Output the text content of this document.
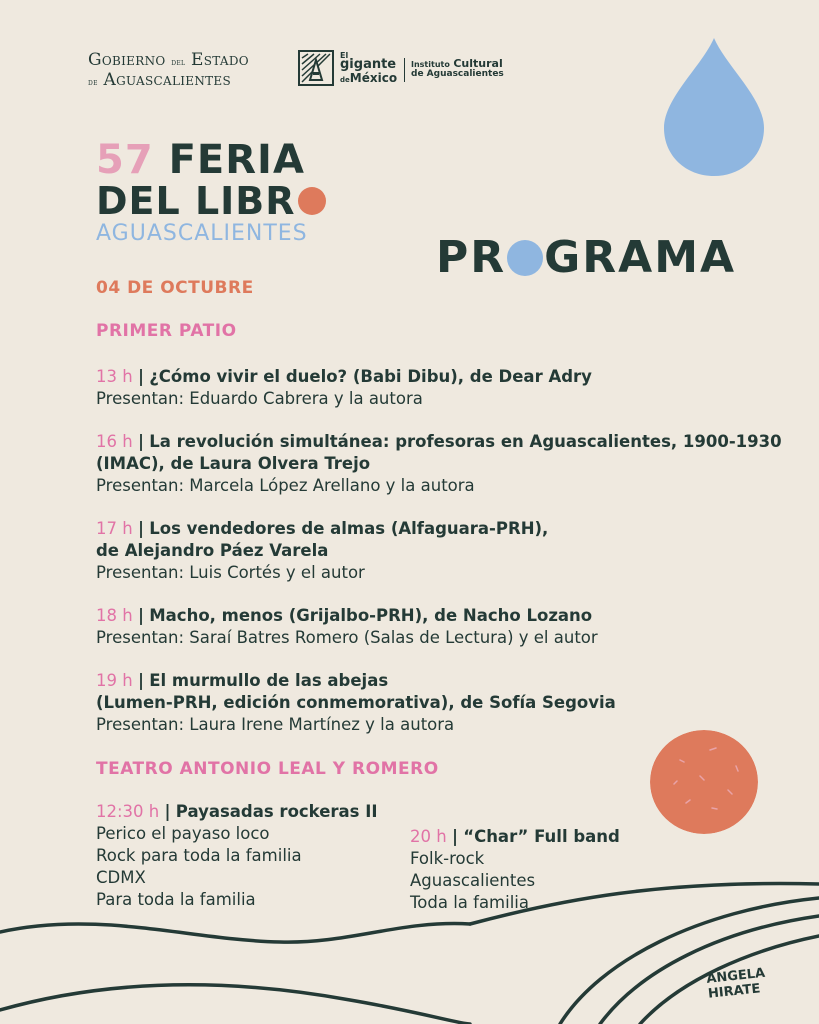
Gobierno del Estado
de Aguascalientes
El
gigante
deMéxico
Instituto Cultural
de Aguascalientes
57 FERIA
DEL LIBR
AGUASCALIENTES	PR GRAMA
04 DE OCTUBRE
PRIMER PATIO
13 h | ¿Cómo vivir el duelo? (Babi Dibu), de Dear Adry
Presentan: Eduardo Cabrera y la autora
16 h | La revolución simultánea: profesoras en Aguascalientes, 1900-1930
(IMAC), de Laura Olvera Trejo
Presentan: Marcela López Arellano y la autora
17 h | Los vendedores de almas (Alfaguara-PRH),
de Alejandro Páez Varela
Presentan: Luis Cortés y el autor
18 h | Macho, menos (Grijalbo-PRH), de Nacho Lozano
Presentan: Saraí Batres Romero (Salas de Lectura) y el autor
19 h | El murmullo de las abejas
(Lumen-PRH, edición conmemorativa), de Sofía Segovia
Presentan: Laura Irene Martínez y la autora
TEATRO ANTONIO LEAL Y ROMERO
12:30 h | Payasadas rockeras II
Perico el payaso loco
Rock para toda la familia
CDMX
Para toda la familia
20 h | “Char” Full band
Folk-rock
Aguascalientes
Toda la familia
ANGELA HIRATE
